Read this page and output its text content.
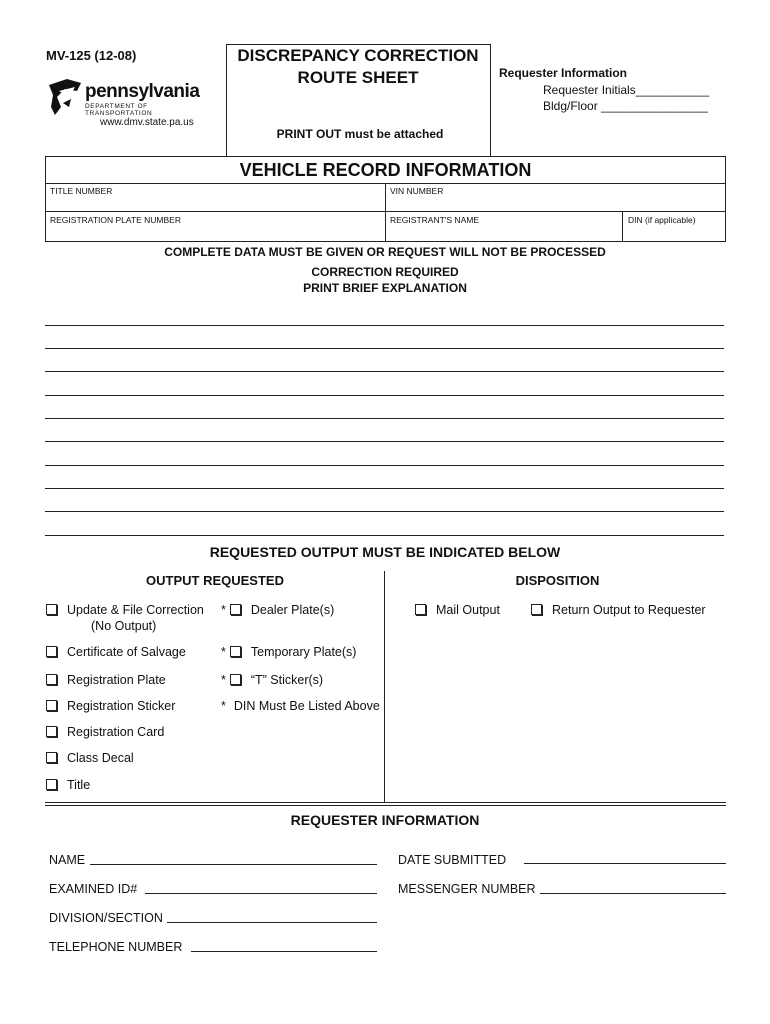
MV-125 (12-08)
pennsylvania
DEPARTMENT OF TRANSPORTATION
www.dmv.state.pa.us
DISCREPANCY CORRECTION
ROUTE SHEET
PRINT OUT must be attached
Requester Information
Requester Initials___________
Bldg/Floor ________________
VEHICLE RECORD INFORMATION
TITLE NUMBER	VIN NUMBER
REGISTRATION PLATE NUMBER	REGISTRANT'S NAME	DIN (if applicable)
COMPLETE DATA MUST BE GIVEN OR REQUEST WILL NOT BE PROCESSED
CORRECTION REQUIRED
PRINT BRIEF EXPLANATION
REQUESTED OUTPUT MUST BE INDICATED BELOW
OUTPUT REQUESTED	DISPOSITION
Update & File Correction
(No Output)
Certificate of Salvage
Registration Plate
Registration Sticker
Registration Card
Class Decal
Title
* Dealer Plate(s)
* Temporary Plate(s)
* “T” Sticker(s)
* DIN Must Be Listed Above
Mail Output	Return Output to Requester
REQUESTER INFORMATION
NAME
EXAMINED ID#
DIVISION/SECTION
TELEPHONE NUMBER
DATE SUBMITTED
MESSENGER NUMBER
